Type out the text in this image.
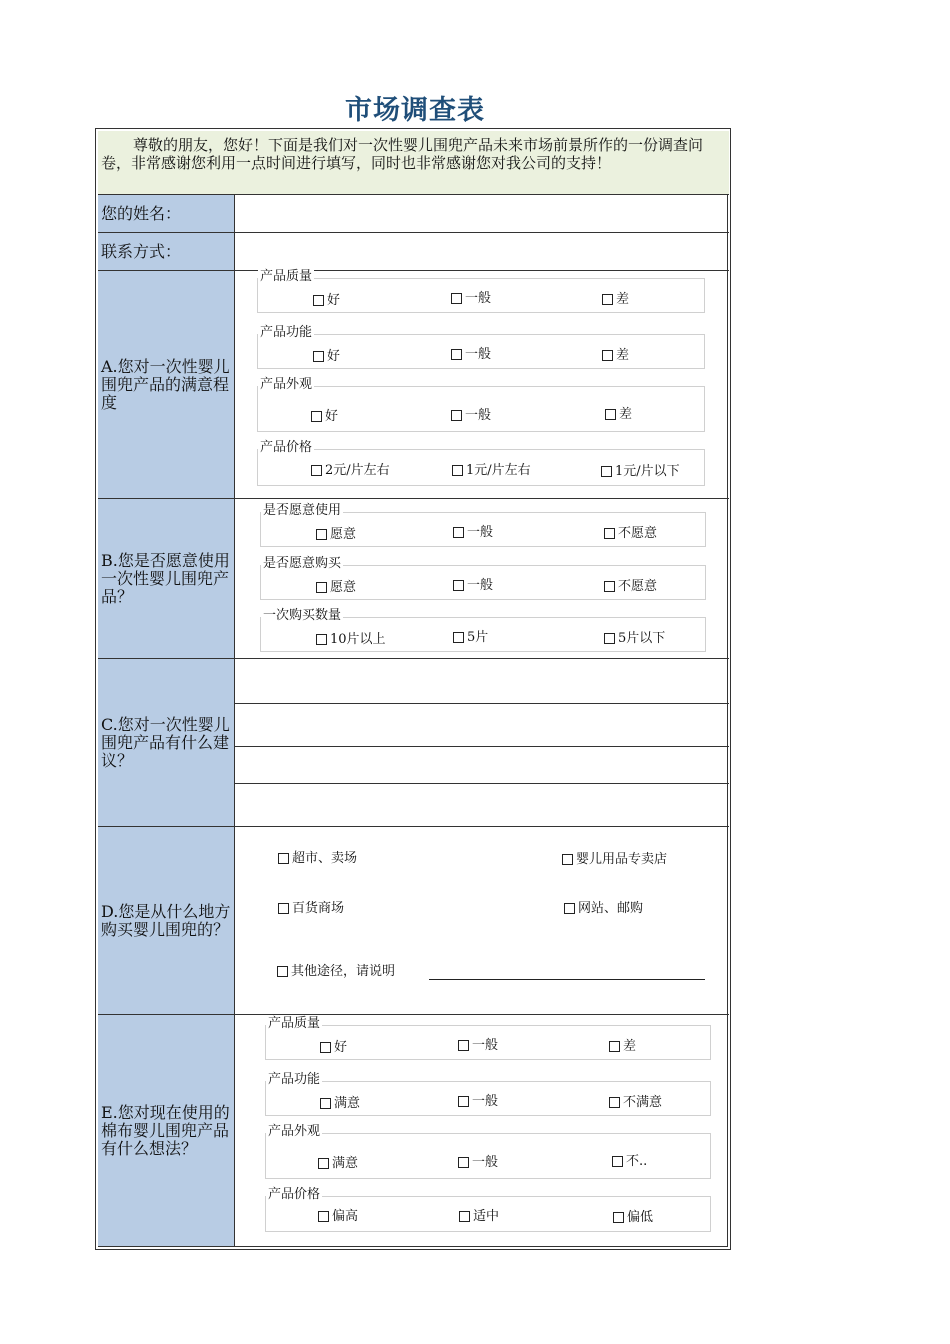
市场调查表
尊敬的朋友，您好！下面是我们对一次性婴儿围兜产品未来市场前景所作的一份调查问卷，非常感谢您利用一点时间进行填写，同时也非常感谢您对我公司的支持！
您的姓名：
联系方式：
A.您对一次性婴儿围兜产品的满意程度
产品质量
好	一般	差
产品功能
好	一般	差
产品外观
好	一般	差
产品价格
2元/片左右	1元/片左右	1元/片以下
B.您是否愿意使用一次性婴儿围兜产品？
是否愿意使用
愿意	一般	不愿意
是否愿意购买
愿意	一般	不愿意
一次购买数量
10片以上	5片	5片以下
C.您对一次性婴儿围兜产品有什么建议？
D.您是从什么地方购买婴儿围兜的？
超市、卖场	婴儿用品专卖店
百货商场	网站、邮购
其他途径，请说明
E.您对现在使用的棉布婴儿围兜产品有什么想法？
产品质量
好	一般	差
产品功能
满意	一般	不满意
产品外观
满意	一般	不..
产品价格
偏高	适中	偏低
